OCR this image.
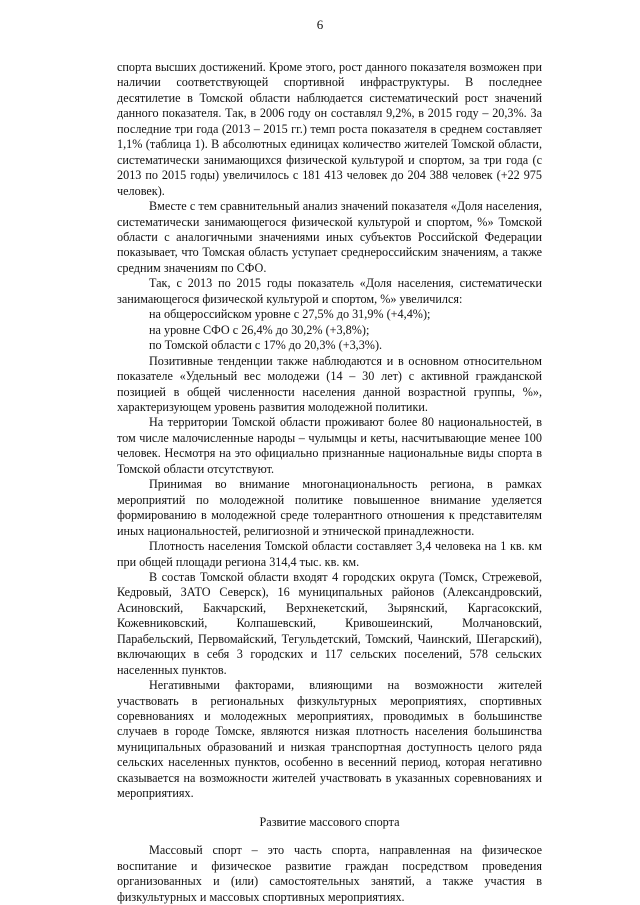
6

спорта высших достижений. Кроме этого, рост данного показателя возможен при наличии соответствующей спортивной инфраструктуры. В последнее десятилетие в Томской области наблюдается систематический рост значений данного показателя. Так, в 2006 году он составлял 9,2%, в 2015 году – 20,3%. За последние три года (2013 – 2015 гг.) темп роста показателя в среднем составляет 1,1% (таблица 1). В абсолютных единицах количество жителей Томской области, систематически занимающихся физической культурой и спортом, за три года (с 2013 по 2015 годы) увеличилось с 181 413 человек до 204 388 человек (+22 975 человек).

Вместе с тем сравнительный анализ значений показателя «Доля населения, систематически занимающегося физической культурой и спортом, %» Томской области с аналогичными значениями иных субъектов Российской Федерации показывает, что Томская область уступает среднероссийским значениям, а также средним значениям по СФО.

Так, с 2013 по 2015 годы показатель «Доля населения, систематически занимающегося физической культурой и спортом, %» увеличился:

на общероссийском уровне с 27,5% до 31,9% (+4,4%);

на уровне СФО с 26,4% до 30,2% (+3,8%);

по Томской области с 17% до 20,3% (+3,3%).

Позитивные тенденции также наблюдаются и в основном относительном показателе «Удельный вес молодежи (14 – 30 лет) с активной гражданской позицией в общей численности населения данной возрастной группы, %», характеризующем уровень развития молодежной политики.

На территории Томской области проживают более 80 национальностей, в том числе малочисленные народы – чулымцы и кеты, насчитывающие менее 100 человек. Несмотря на это официально признанные национальные виды спорта в Томской области отсутствуют.

Принимая во внимание многонациональность региона, в рамках мероприятий по молодежной политике повышенное внимание уделяется формированию в молодежной среде толерантного отношения к представителям иных национальностей, религиозной и этнической принадлежности.

Плотность населения Томской области составляет 3,4 человека на 1 кв. км при общей площади региона 314,4 тыс. кв. км.

В состав Томской области входят 4 городских округа (Томск, Стрежевой, Кедровый, ЗАТО Северск), 16 муниципальных районов (Александровский, Асиновский, Бакчарский, Верхнекетский, Зырянский, Каргасокский, Кожевниковский, Колпашевский, Кривошеинский, Молчановский, Парабельский, Первомайский, Тегульдетский, Томский, Чаинский, Шегарский), включающих в себя 3 городских и 117 сельских поселений, 578 сельских населенных пунктов.

Негативными факторами, влияющими на возможности жителей участвовать в региональных физкультурных мероприятиях, спортивных соревнованиях и молодежных мероприятиях, проводимых в большинстве случаев в городе Томске, являются низкая плотность населения большинства муниципальных образований и низкая транспортная доступность целого ряда сельских населенных пунктов, особенно в весенний период, которая негативно сказывается на возможности жителей участвовать в указанных соревнованиях и мероприятиях.

Развитие массового спорта

Массовый спорт – это часть спорта, направленная на физическое воспитание и физическое развитие граждан посредством проведения организованных и (или) самостоятельных занятий, а также участия в физкультурных и массовых спортивных мероприятиях.
